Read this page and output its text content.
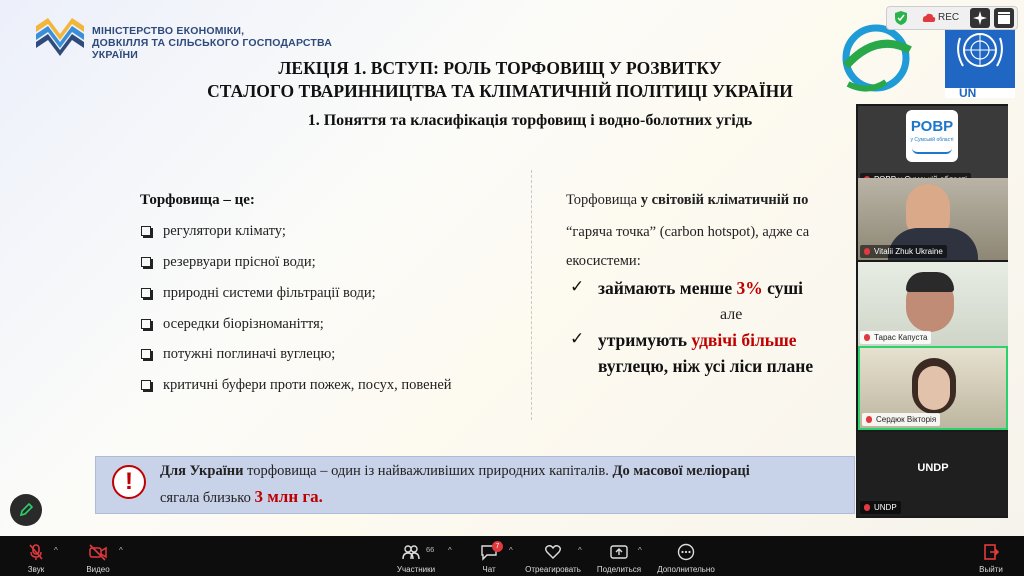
МІНІСТЕРСТВО ЕКОНОМІКИ,
ДОВКІЛЛЯ ТА СІЛЬСЬКОГО ГОСПОДАРСТВА
УКРАЇНИ
UN
ЛЕКЦІЯ 1. ВСТУП: РОЛЬ ТОРФОВИЩ У РОЗВИТКУ
СТАЛОГО ТВАРИННИЦТВА ТА КЛІМАТИЧНІЙ ПОЛІТИЦІ УКРАЇНИ
1. Поняття та класифікація торфовищ і водно-болотних угідь
Торфовища – це:
регулятори клімату;
резервуари прісної води;
природні системи фільтрації води;
осередки біорізноманіття;
потужні поглиначі вуглецю;
критичні буфери проти пожеж, посух, повеней
Торфовища у світовій кліматичній по
“гаряча точка” (carbon hotspot), адже са
екосистеми:
✓ займають менше 3% суші
але
✓ утримують удвічі більше
вуглецю, ніж усі ліси плане
!	Для України торфовища – один із найважливіших природних капіталів. До масової меліораці
сягала близько 3 млн га.
REC
РОВР
у Сумській області
Vitalii Zhuk Ukraine
Тарас Капуста
Сердюк Вікторія
UNDP
UNDP
Звук
^
Видео
^
Участники
66 ^
Чат
7	^
Отреагировать
^
Поделиться
^
Дополнительно	Выйти
